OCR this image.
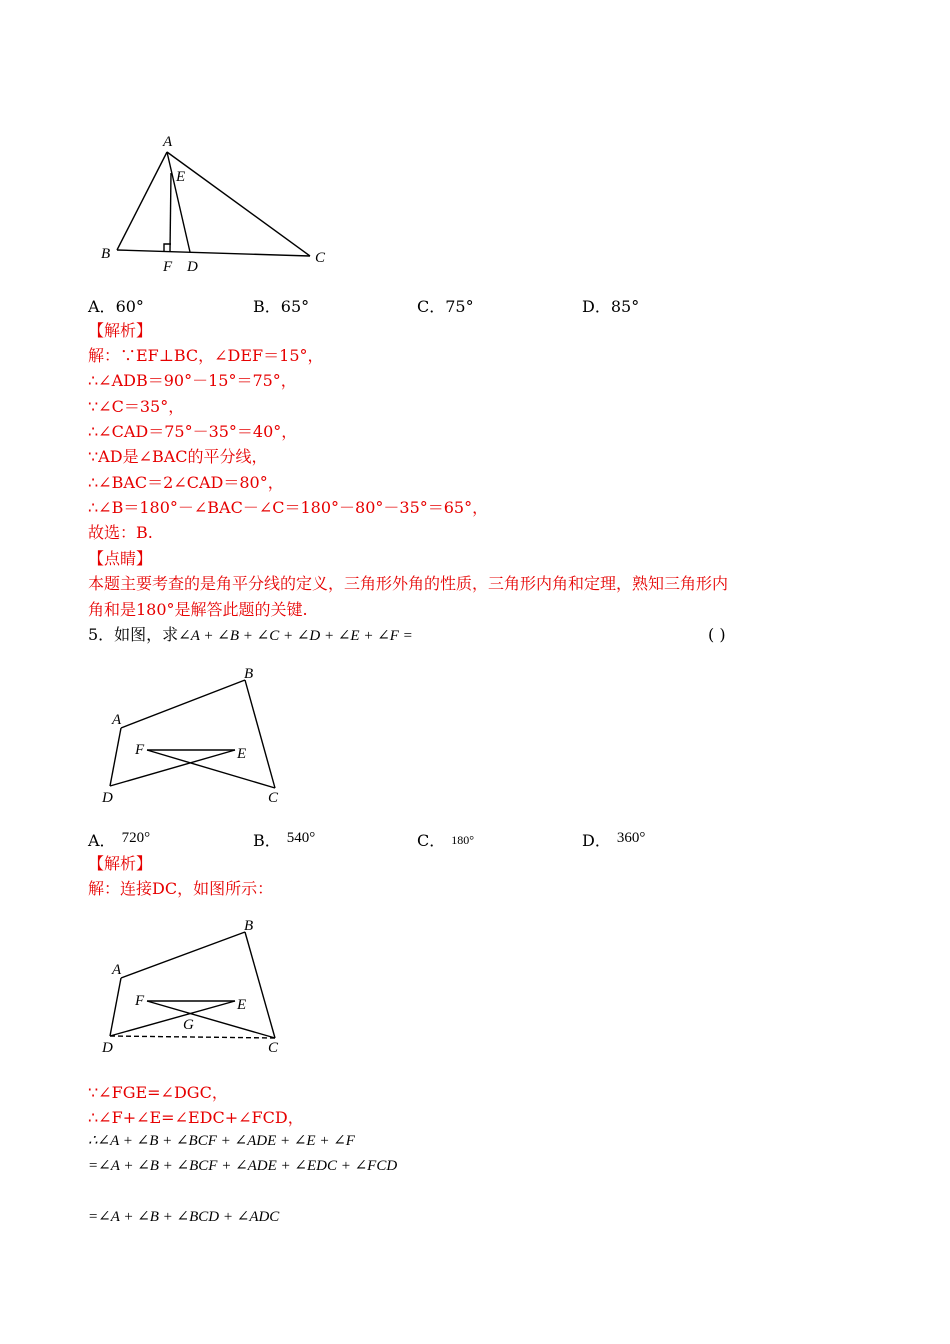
A
E
B
F D
C
A．60°	B．65°	C．75°	D．85°
【解析】
解：∵EF⊥BC，∠DEF＝15°，
∴∠ADB＝90°－15°＝75°，
∵∠C＝35°，
∴∠CAD＝75°－35°＝40°，
∵AD是∠BAC的平分线，
∴∠BAC＝2∠CAD＝80°，
∴∠B＝180°－∠BAC－∠C＝180°－80°－35°＝65°，
故选：B.
【点睛】
本题主要考查的是角平分线的定义，三角形外角的性质，三角形内角和定理，熟知三角形内
角和是180°是解答此题的关键.
5．如图，求∠A + ∠B + ∠C + ∠D + ∠E + ∠F =	( )
A
B
F	E
D	C
A． 720°	B． 540°	C． 180°	D． 360°
【解析】
解：连接DC，如图所示：
A
B
F	E
G
D	C
∵∠FGE=∠DGC，
∴∠F+∠E=∠EDC+∠FCD，
∴∠A + ∠B + ∠BCF + ∠ADE + ∠E + ∠F
=∠A + ∠B + ∠BCF + ∠ADE + ∠EDC + ∠FCD
=∠A + ∠B + ∠BCD + ∠ADC
